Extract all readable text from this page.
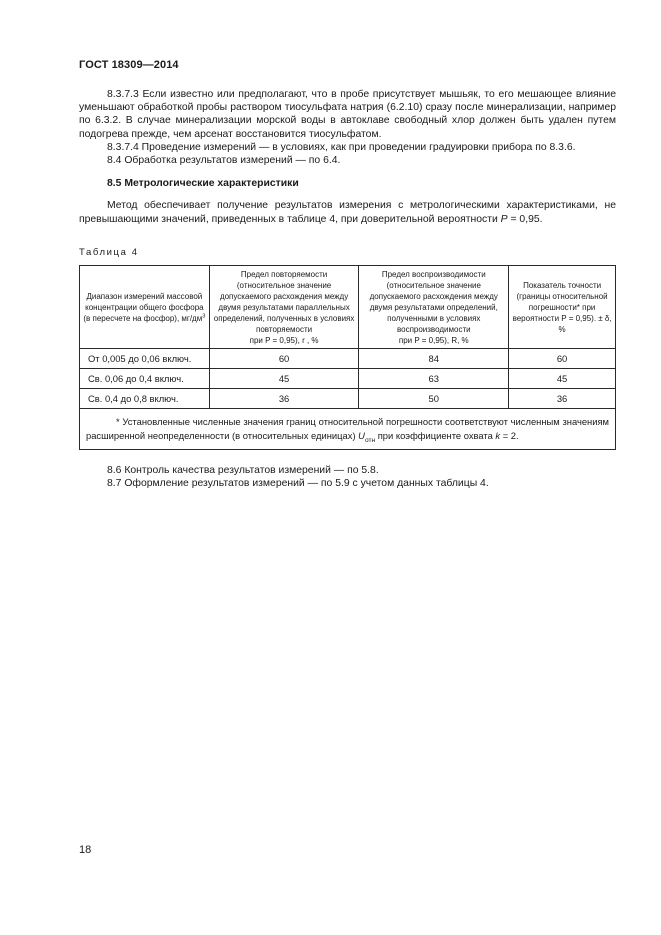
ГОСТ 18309—2014

8.3.7.3 Если известно или предполагают, что в пробе присутствует мышьяк, то его мешающее влияние уменьшают обработкой пробы раствором тиосульфата натрия (6.2.10) сразу после минерализации, например по 6.3.2. В случае минерализации морской воды в автоклаве свободный хлор должен быть удален путем подогрева прежде, чем арсенат восстановится тиосульфатом.

8.3.7.4 Проведение измерений — в условиях, как при проведении градуировки прибора по 8.3.6.

8.4 Обработка результатов измерений — по 6.4.

8.5 Метрологические характеристики

Метод обеспечивает получение результатов измерения с метрологическими характеристиками, не превышающими значений, приведенных в таблице 4, при доверительной вероятности P = 0,95.

Таблица 4
Диапазон измерений массовой концентрации общего фосфора (в пересчете на фосфор), $мг/дм^3$	Предел повторяемости (относительное значение допускаемого расхождения между двумя результатами параллельных определений, полученных в условиях повторяемости
при P = 0,95), r , %	Предел воспроизводимости (относительное значение допускаемого расхождения между двумя результатами определений, полученными в условиях воспроизводимости
при P = 0,95), R, %	Показатель точности (границы относительной погрешности* при вероятности P = 0,95). ± δ, %
От 0,005 до 0,06 включ.	60	84	60
Св. 0,06 до 0,4 включ.	45	63	45
Св. 0,4 до 0,8 включ.	36	50	36
* Установленные численные значения границ относительной погрешности соответствуют численным значениям расширенной неопределенности (в относительных единицах) $U_{отн}$ при коэффициенте охвата k = 2.			

8.6 Контроль качества результатов измерений — по 5.8.

8.7 Оформление результатов измерений — по 5.9 с учетом данных таблицы 4.

18
